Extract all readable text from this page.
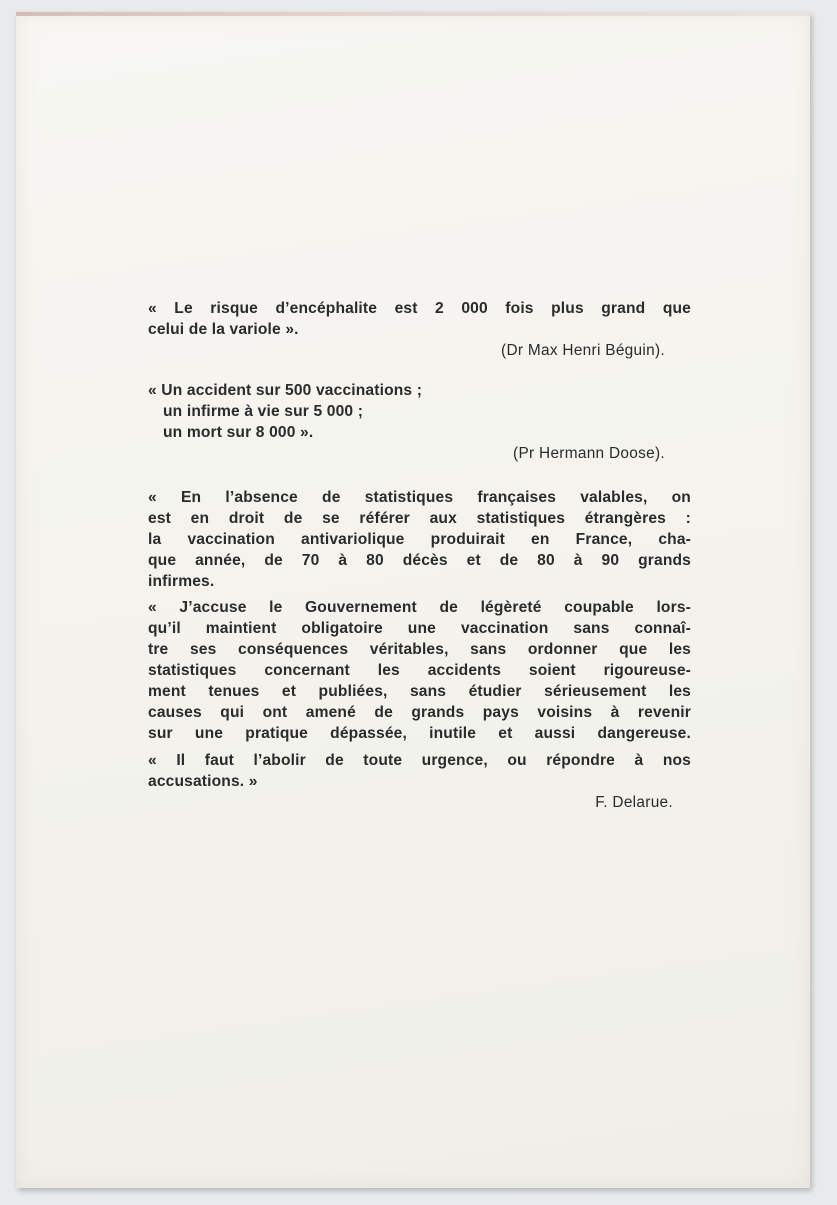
« Le risque d’encéphalite est 2 000 fois plus grand que
celui de la variole ».
(Dr Max Henri Béguin).
« Un accident sur 500 vaccinations ;
un infirme à vie sur 5 000 ;
un mort sur 8 000 ».
(Pr Hermann Doose).
« En l’absence de statistiques françaises valables, on
est en droit de se référer aux statistiques étrangères :
la vaccination antivariolique produirait en France, cha-
que année, de 70 à 80 décès et de 80 à 90 grands
infirmes.
« J’accuse le Gouvernement de légèreté coupable lors-
qu’il maintient obligatoire une vaccination sans connaî-
tre ses conséquences véritables, sans ordonner que les
statistiques concernant les accidents soient rigoureuse-
ment tenues et publiées, sans étudier sérieusement les
causes qui ont amené de grands pays voisins à revenir
sur une pratique dépassée, inutile et aussi dangereuse.
« Il faut l’abolir de toute urgence, ou répondre à nos
accusations. »
F. Delarue.
